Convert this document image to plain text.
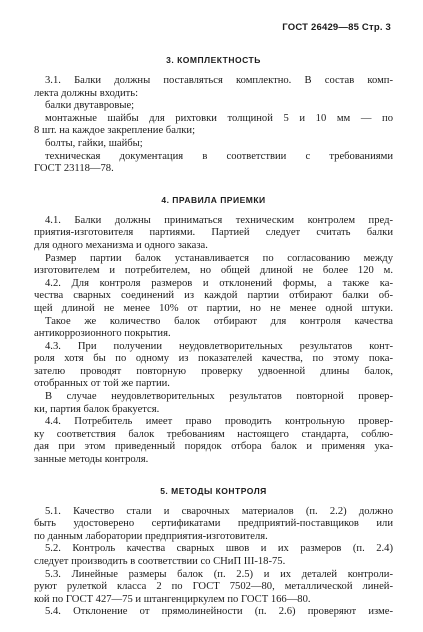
ГОСТ 26429—85 Стр. 3
3. КОМПЛЕКТНОСТЬ
3.1. Балки должны поставляться комплектно. В состав комп-
лекта должны входить:
балки двутавровые;
монтажные шайбы для рихтовки толщиной 5 и 10 мм — по
8 шт. на каждое закрепление балки;
болты, гайки, шайбы;
техническая документация в соответствии с требованиями
ГОСТ 23118—78.
4. ПРАВИЛА ПРИЕМКИ
4.1. Балки должны приниматься техническим контролем пред-
приятия-изготовителя партиями. Партией следует считать балки
для одного механизма и одного заказа.
Размер партии балок устанавливается по согласованию между
изготовителем и потребителем, но общей длиной не более 120 м.
4.2. Для контроля размеров и отклонений формы, а также ка-
чества сварных соединений из каждой партии отбирают балки об-
щей длиной не менее 10% от партии, но не менее одной штуки.
Такое же количество балок отбирают для контроля качества
антикоррозионного покрытия.
4.3. При получении неудовлетворительных результатов конт-
роля хотя бы по одному из показателей качества, по этому пока-
зателю проводят повторную проверку удвоенной длины балок,
отобранных от той же партии.
В случае неудовлетворительных результатов повторной провер-
ки, партия балок бракуется.
4.4. Потребитель имеет право проводить контрольную провер-
ку соответствия балок требованиям настоящего стандарта, соблю-
дая при этом приведенный порядок отбора балок и применяя ука-
занные методы контроля.
5. МЕТОДЫ КОНТРОЛЯ
5.1. Качество стали и сварочных материалов (п. 2.2) должно
быть удостоверено сертификатами предприятий-поставщиков или
по данным лаборатории предприятия-изготовителя.
5.2. Контроль качества сварных швов и их размеров (п. 2.4)
следует производить в соответствии со СНиП III-18-75.
5.3. Линейные размеры балок (п. 2.5) и их деталей контроли-
руют рулеткой класса 2 по ГОСТ 7502—80, металлической линей-
кой по ГОСТ 427—75 и штангенциркулем по ГОСТ 166—80.
5.4. Отклонение от прямолинейности (п. 2.6) проверяют изме-
